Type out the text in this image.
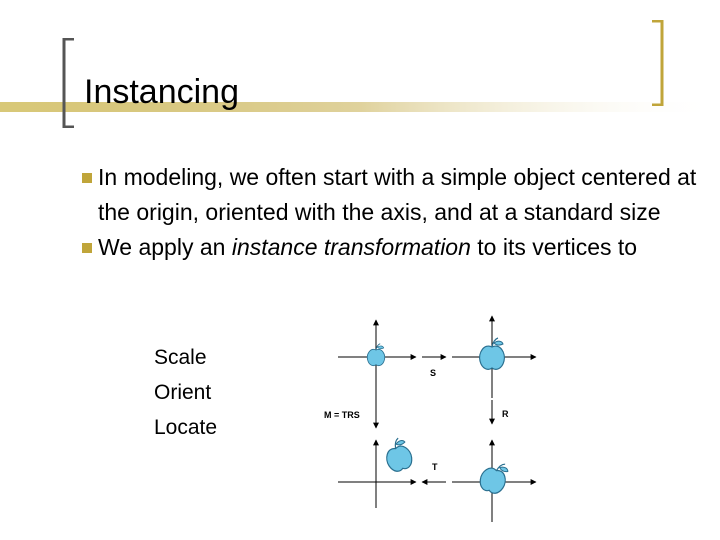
Instancing
In modeling, we often start with a simple object centered at the origin, oriented with the axis, and at a standard size
We apply an instance transformation to its vertices to
Scale
Orient
Locate
S
R
M = TRS
T
